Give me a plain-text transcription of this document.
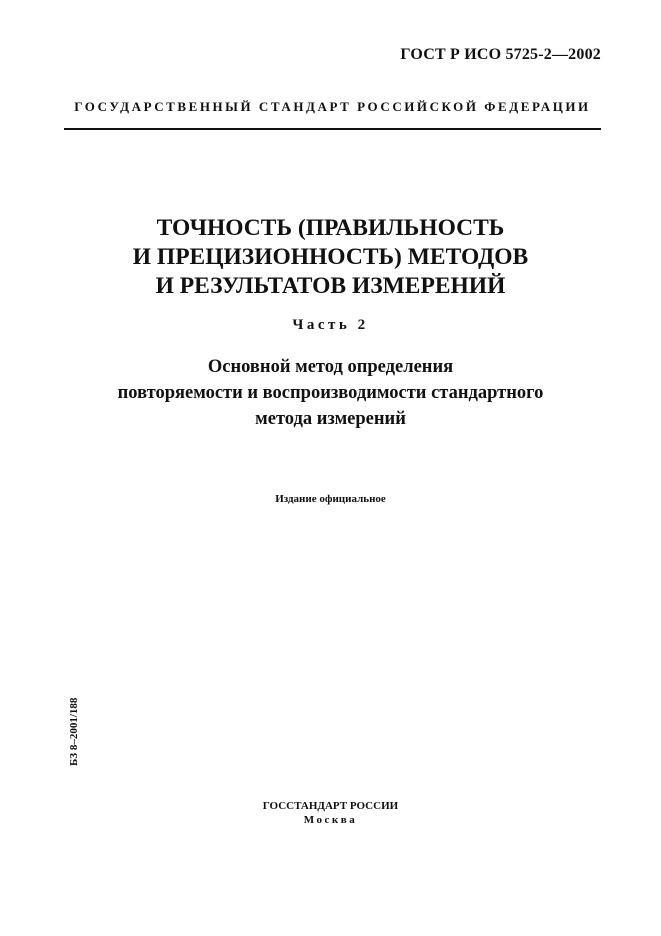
ГОСТ Р ИСО 5725-2—2002
ГОСУДАРСТВЕННЫЙ СТАНДАРТ РОССИЙСКОЙ ФЕДЕРАЦИИ
ТОЧНОСТЬ (ПРАВИЛЬНОСТЬ
И ПРЕЦИЗИОННОСТЬ) МЕТОДОВ
И РЕЗУЛЬТАТОВ ИЗМЕРЕНИЙ
Часть 2
Основной метод определения
повторяемости и воспроизводимости стандартного
метода измерений
Издание официальное
БЗ 8–2001/188
ГОССТАНДАРТ РОССИИ
Москва
